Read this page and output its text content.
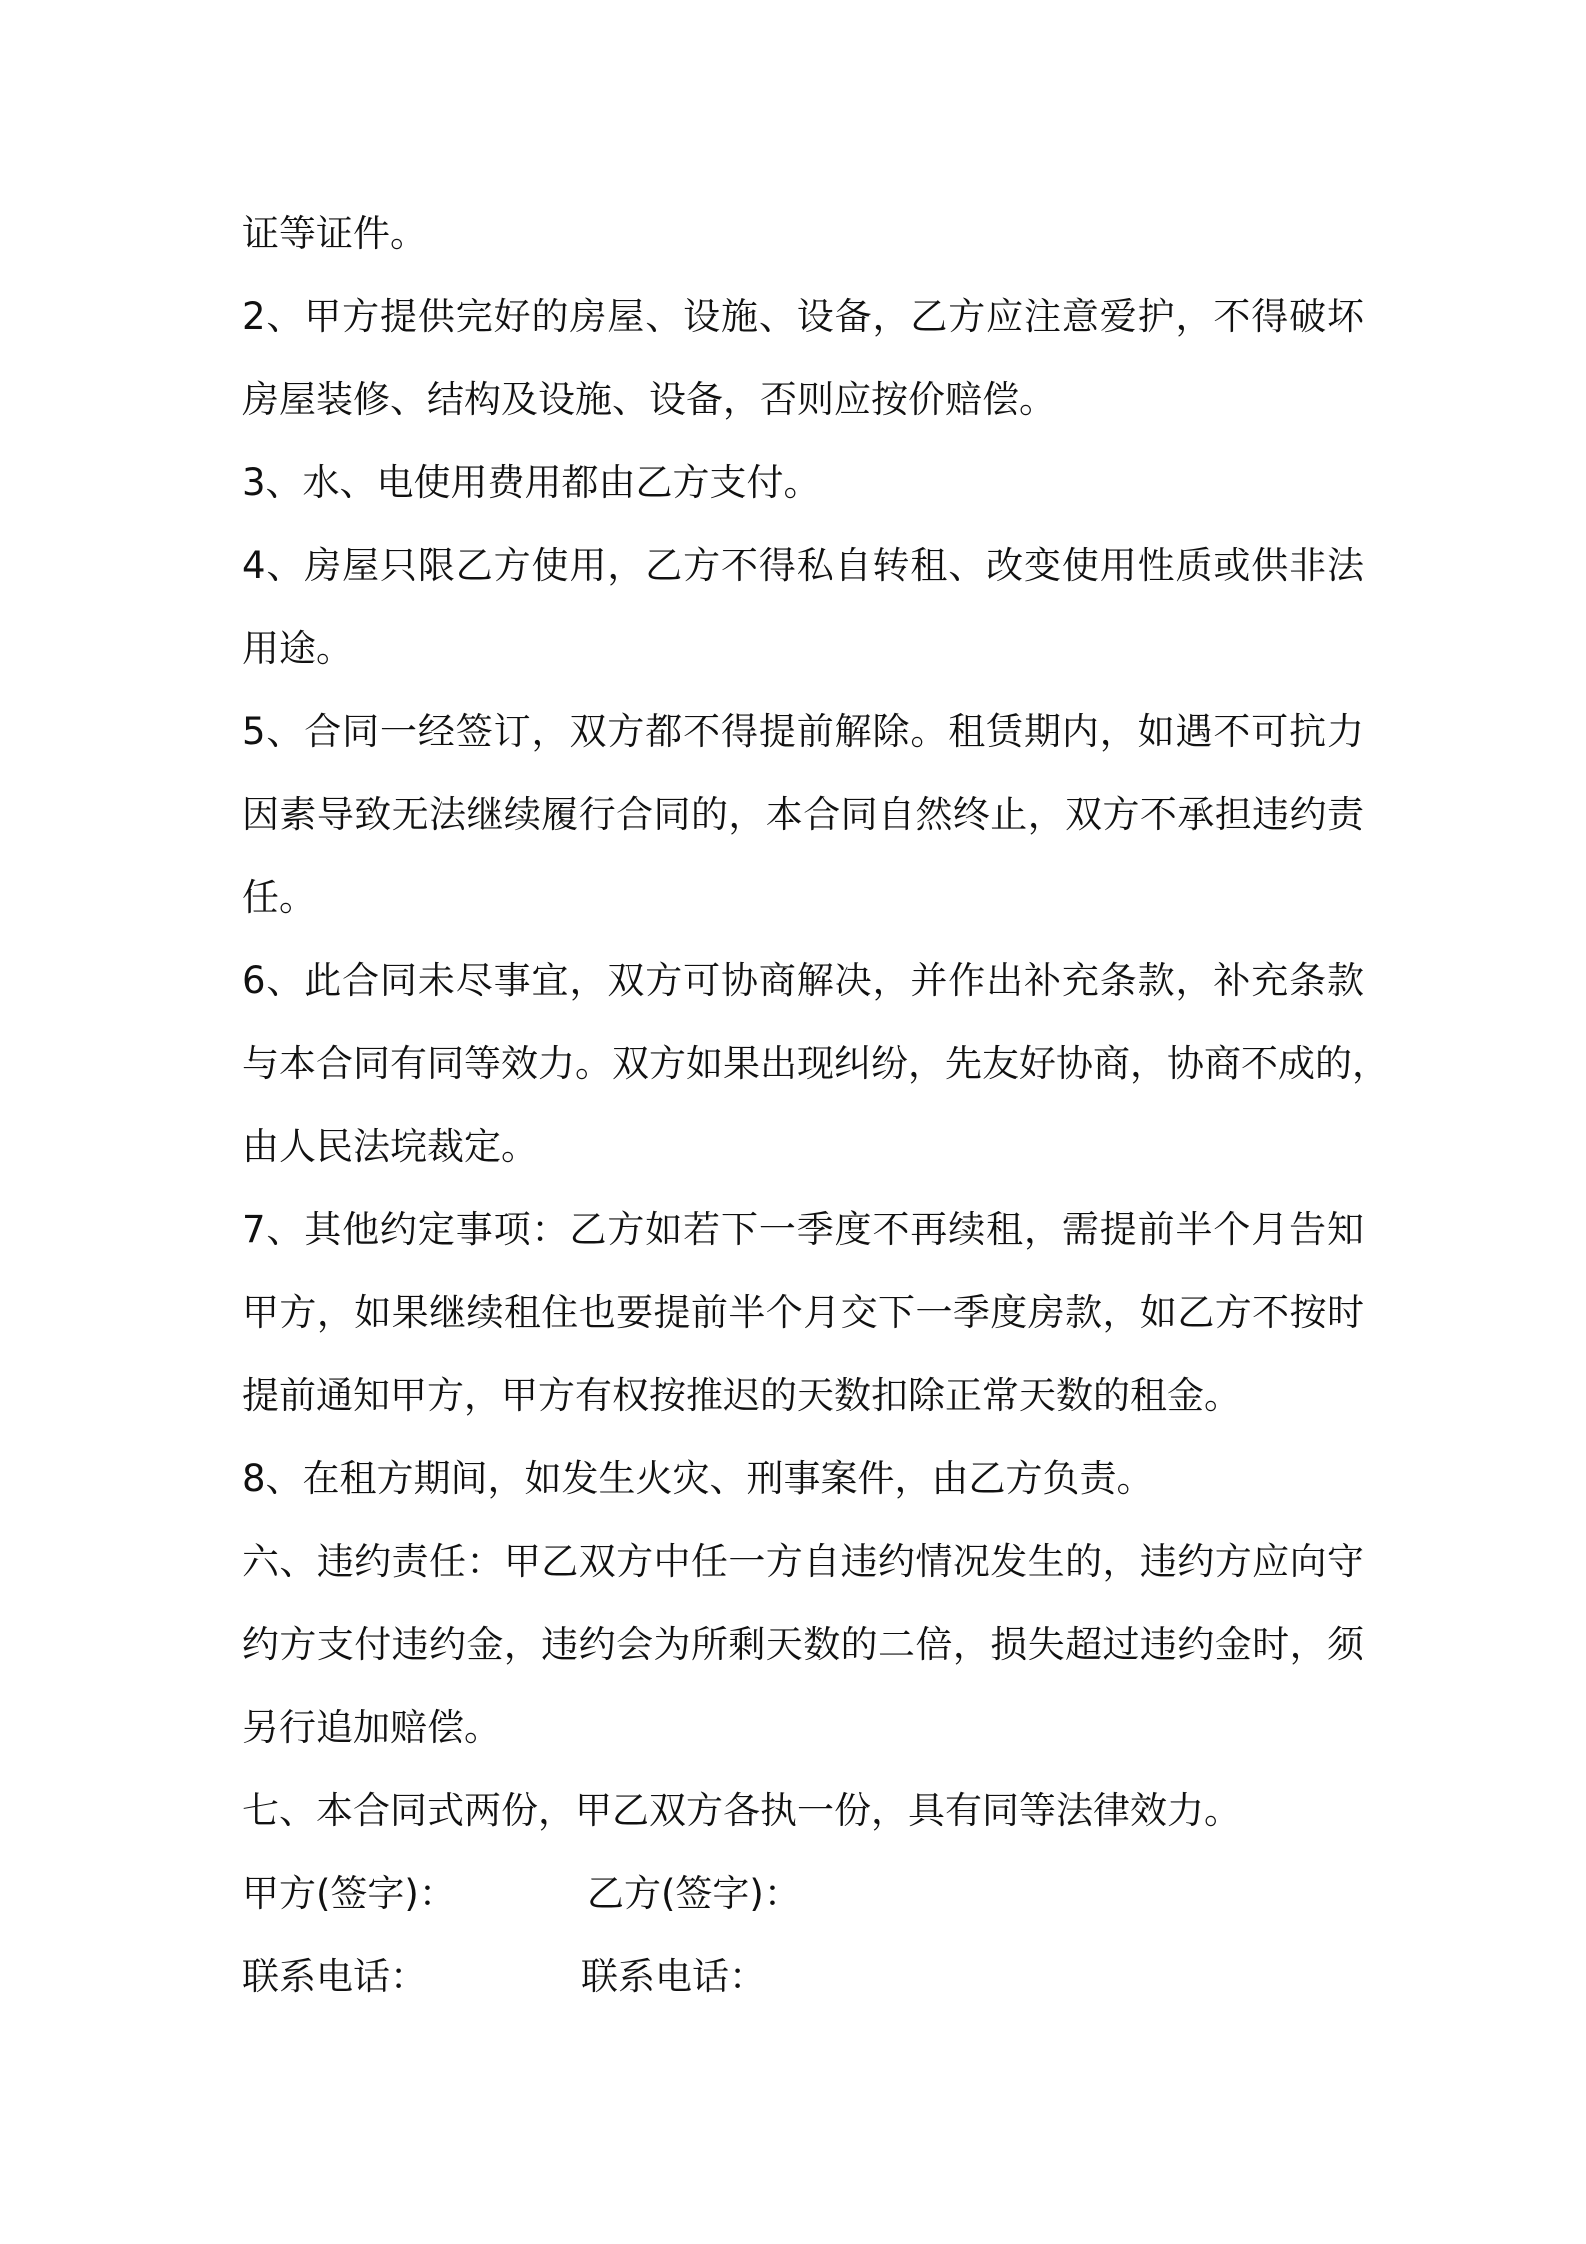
证等证件。
2、甲方提供完好的房屋、设施、设备，乙方应注意爱护，不得破坏
房屋装修、结构及设施、设备，否则应按价赔偿。
3、水、电使用费用都由乙方支付。
4、房屋只限乙方使用，乙方不得私自转租、改变使用性质或供非法
用途。
5、合同一经签订，双方都不得提前解除。租赁期内，如遇不可抗力
因素导致无法继续履行合同的，本合同自然终止，双方不承担违约责
任。
6、此合同未尽事宜，双方可协商解决，并作出补充条款，补充条款
与本合同有同等效力。双方如果出现纠纷，先友好协商，协商不成的，
由人民法垸裁定。
7、其他约定事项：乙方如若下一季度不再续租，需提前半个月告知
甲方，如果继续租住也要提前半个月交下一季度房款，如乙方不按时
提前通知甲方，甲方有权按推迟的天数扣除正常天数的租金。
8、在租方期间，如发生火灾、刑事案件，由乙方负责。
六、违约责任：甲乙双方中任一方自违约情况发生的，违约方应向守
约方支付违约金，违约会为所剩天数的二倍，损失超过违约金时，须
另行追加赔偿。
七、本合同式两份，甲乙双方各执一份，具有同等法律效力。
甲方(签字)：	乙方(签字)：
联系电话：	联系电话：
